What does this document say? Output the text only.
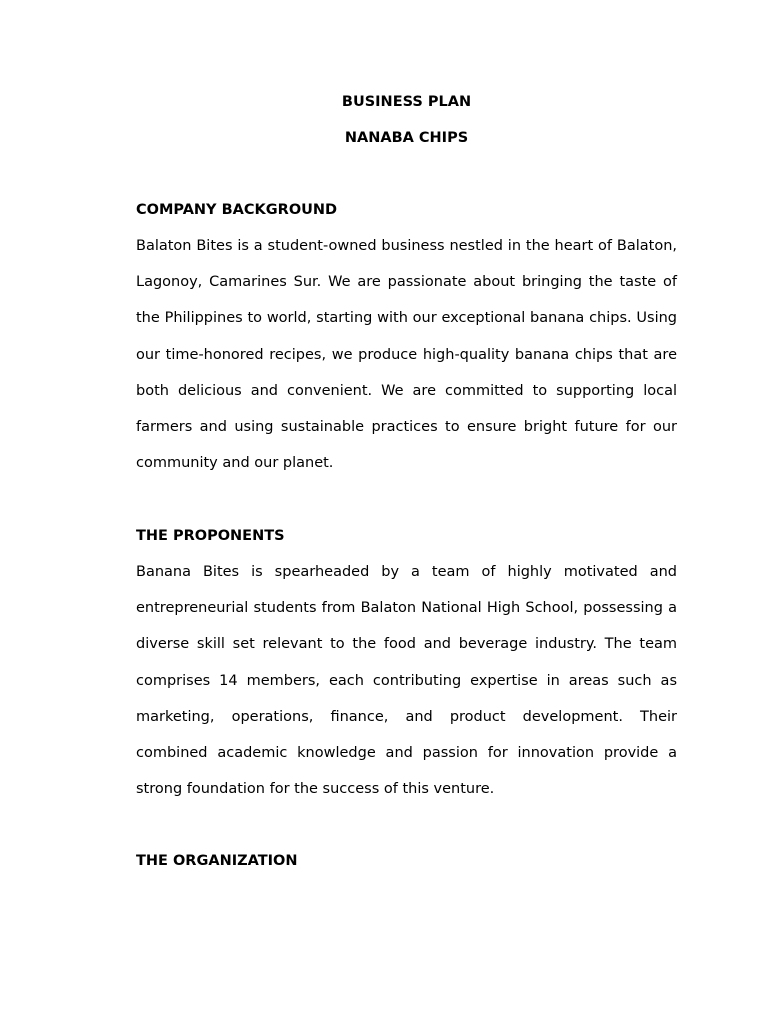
BUSINESS PLAN
NANABA CHIPS
COMPANY BACKGROUND

Balaton Bites is a student-owned business nestled in the heart of Balaton, Lagonoy, Camarines Sur. We are passionate about bringing the taste of the Philippines to world, starting with our exceptional banana chips. Using our time-honored recipes, we produce high-quality banana chips that are both delicious and convenient. We are committed to supporting local farmers and using sustainable practices to ensure bright future for our community and our planet.

THE PROPONENTS

Banana Bites is spearheaded by a team of highly motivated and entrepreneurial students from Balaton National High School, possessing a diverse skill set relevant to the food and beverage industry. The team comprises 14 members, each contributing expertise in areas such as marketing, operations, finance, and product development. Their combined academic knowledge and passion for innovation provide a strong foundation for the success of this venture.

THE ORGANIZATION
